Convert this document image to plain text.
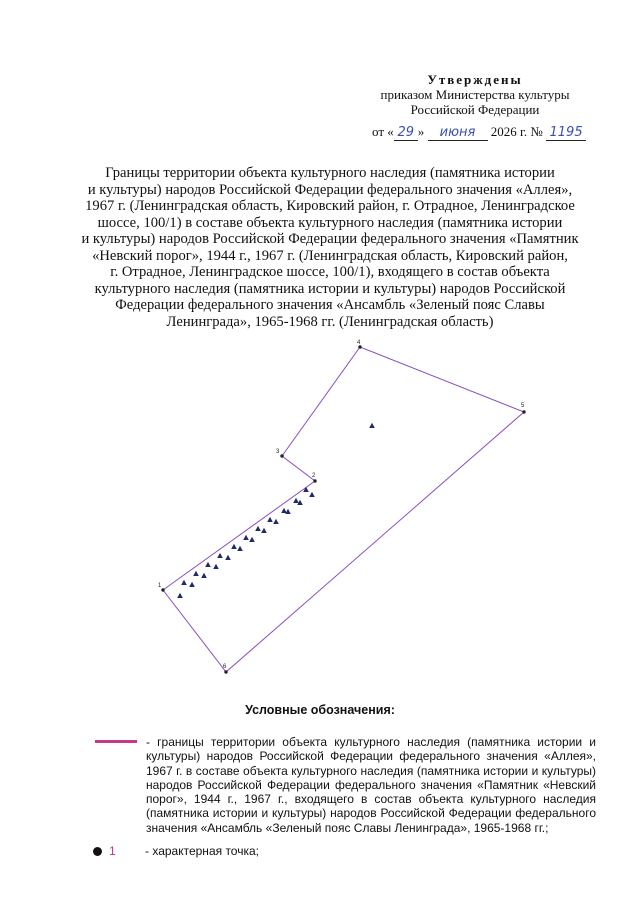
Утверждены
приказом Министерства культуры
Российской Федерации
от « 29 » июня 2026 г. № 1195
Границы территории объекта культурного наследия (памятника истории
и культуры) народов Российской Федерации федерального значения «Аллея»,
1967 г. (Ленинградская область, Кировский район, г. Отрадное, Ленинградское
шоссе, 100/1) в составе объекта культурного наследия (памятника истории
и культуры) народов Российской Федерации федерального значения «Памятник
«Невский порог», 1944 г., 1967 г. (Ленинградская область, Кировский район,
г. Отрадное, Ленинградское шоссе, 100/1), входящего в состав объекта
культурного наследия (памятника истории и культуры) народов Российской
Федерации федерального значения «Ансамбль «Зеленый пояс Славы
Ленинграда», 1965-1968 гг. (Ленинградская область)
1
2
3
4
5
6
Условные обозначения:
- границы территории объекта культурного наследия (памятника истории и культуры) народов Российской Федерации федерального значения «Аллея», 1967 г. в составе объекта культурного наследия (памятника истории и культуры) народов Российской Федерации федерального значения «Памятник «Невский порог», 1944 г., 1967 г., входящего в состав объекта культурного наследия (памятника истории и культуры) народов Российской Федерации федерального значения «Ансамбль «Зеленый пояс Славы Ленинграда», 1965-1968 гг.;
1 - характерная точка;
